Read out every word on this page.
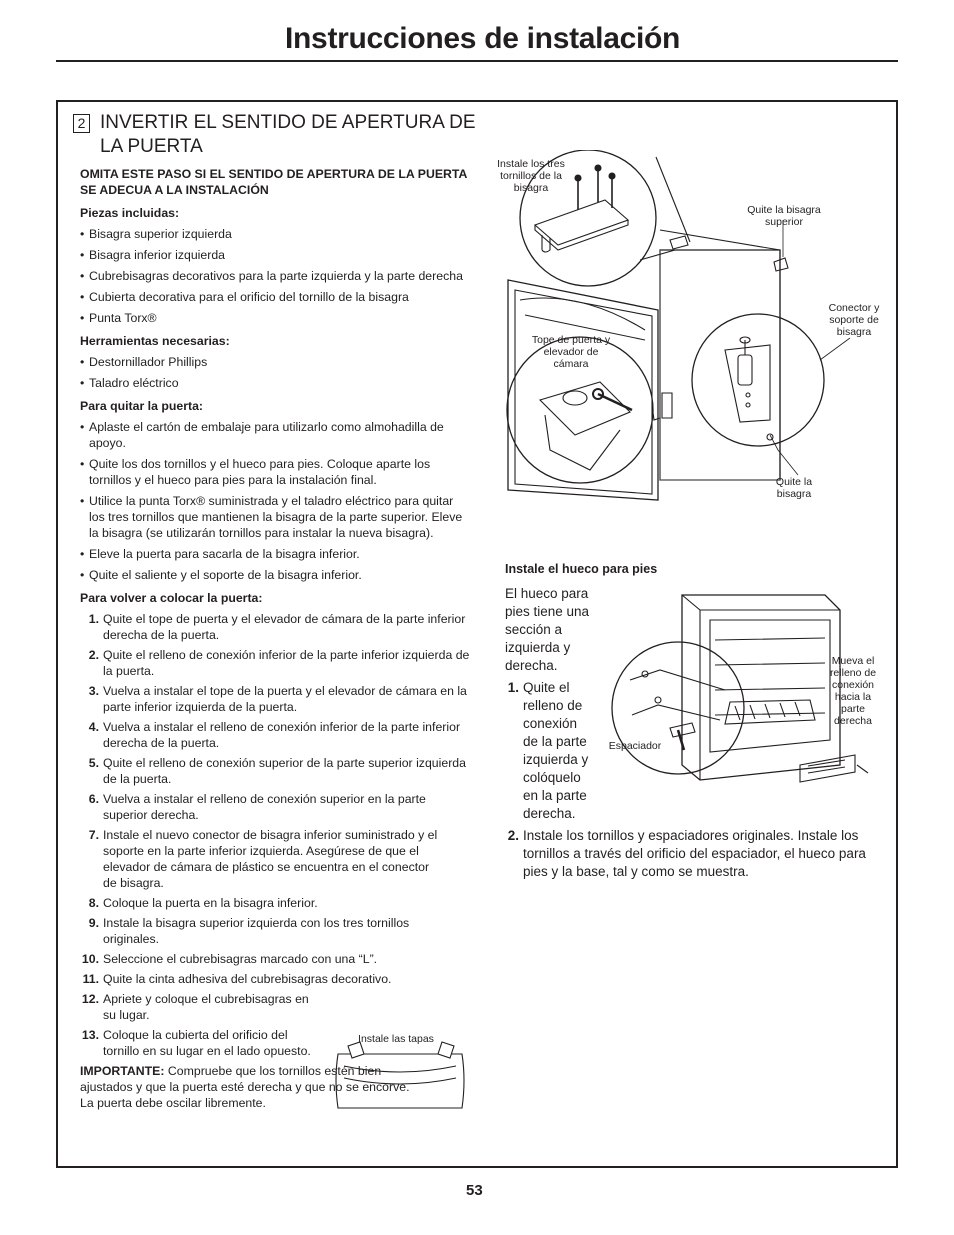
Instrucciones de instalación
2 INVERTIR EL SENTIDO DE APERTURA DE LA PUERTA

OMITA ESTE PASO SI EL SENTIDO DE APERTURA DE LA PUERTA SE ADECUA A LA INSTALACIÓN

Piezas incluidas:

• Bisagra superior izquierda
• Bisagra inferior izquierda
• Cubrebisagras decorativos para la parte izquierda y la parte derecha
• Cubierta decorativa para el orificio del tornillo de la bisagra
• Punta Torx®

Herramientas necesarias:

• Destornillador Phillips
• Taladro eléctrico

Para quitar la puerta:

• Aplaste el cartón de embalaje para utilizarlo como almohadilla de apoyo.
• Quite los dos tornillos y el hueco para pies. Coloque aparte los tornillos y el hueco para pies para la instalación final.
• Utilice la punta Torx® suministrada y el taladro eléctrico para quitar los tres tornillos que mantienen la bisagra de la parte superior. Eleve la bisagra (se utilizarán tornillos para instalar la nueva bisagra).
• Eleve la puerta para sacarla de la bisagra inferior.
• Quite el saliente y el soporte de la bisagra inferior.

Para volver a colocar la puerta:

1. Quite el tope de puerta y el elevador de cámara de la parte inferior derecha de la puerta.
2. Quite el relleno de conexión inferior de la parte inferior izquierda de la puerta.
3. Vuelva a instalar el tope de la puerta y el elevador de cámara en la parte inferior izquierda de la puerta.
4. Vuelva a instalar el relleno de conexión inferior de la parte inferior derecha de la puerta.
5. Quite el relleno de conexión superior de la parte superior izquierda de la puerta.
6. Vuelva a instalar el relleno de conexión superior en la parte superior derecha.
7. Instale el nuevo conector de bisagra inferior suministrado y el soporte en la parte inferior izquierda. Asegúrese de que el elevador de cámara de plástico se encuentra en el conector de bisagra.
8. Coloque la puerta en la bisagra inferior.
9. Instale la bisagra superior izquierda con los tres tornillos originales.
10. Seleccione el cubrebisagras marcado con una “L”.
11. Quite la cinta adhesiva del cubrebisagras decorativo.
12. Apriete y coloque el cubrebisagras en su lugar.
13. Coloque la cubierta del orificio del tornillo en su lugar en el lado opuesto.

IMPORTANTE: Compruebe que los tornillos estén bien ajustados y que la puerta esté derecha y que no se encorve. La puerta debe oscilar libremente.

Instale los tres tornillos de la bisagra
Quite la bisagra superior
Conector y soporte de bisagra
Tope de puerta y elevador de cámara
Quite la bisagra
Instale las tapas

Instale el hueco para pies

El hueco para pies tiene una sección a izquierda y derecha.

1. Quite el relleno de conexión de la parte izquierda y colóquelo en la parte derecha.
2. Instale los tornillos y espaciadores originales. Instale los tornillos a través del orificio del espaciador, el hueco para pies y la base, tal y como se muestra.
Mueva el relleno de conexión hacia la parte derecha
Espaciador
53
